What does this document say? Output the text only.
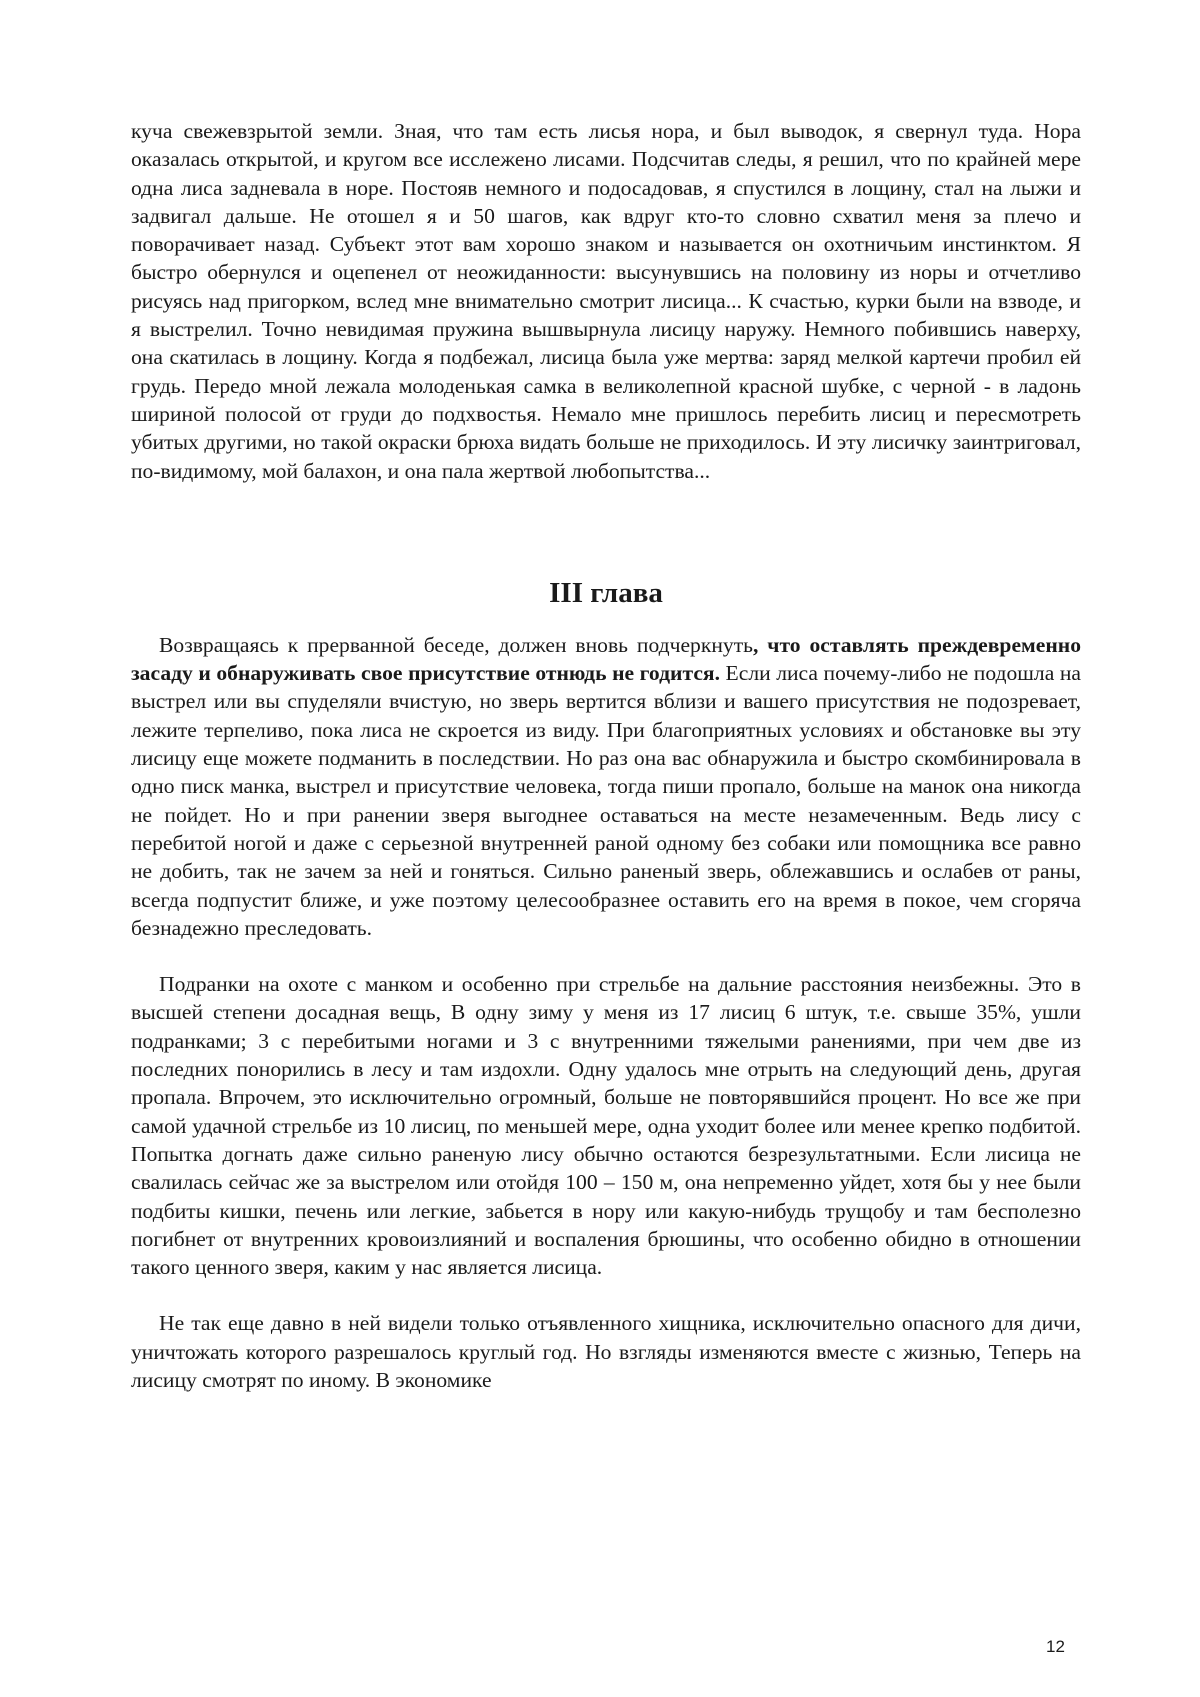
куча свежевзрытой земли. Зная, что там есть лисья нора, и был выводок, я свернул туда. Нора оказалась открытой, и кругом все исслежено лисами. Подсчитав следы, я решил, что по крайней мере одна лиса задневала в норе. Постояв немного и подосадовав, я спустился в лощину, стал на лыжи и задвигал дальше. Не отошел я и 50 шагов, как вдруг кто-то словно схватил меня за плечо и поворачивает назад. Субъект этот вам хорошо знаком и называется он охотничьим инстинктом. Я быстро обернулся и оцепенел от неожиданности: высунувшись на половину из норы и отчетливо рисуясь над пригорком, вслед мне внимательно смотрит лисица... К счастью, курки были на взводе, и я выстрелил. Точно невидимая пружина вышвырнула лисицу наружу. Немного побившись наверху, она скатилась в лощину. Когда я подбежал, лисица была уже мертва: заряд мелкой картечи пробил ей грудь. Передо мной лежала молоденькая самка в великолепной красной шубке, с черной - в ладонь шириной полосой от груди до подхвостья. Немало мне пришлось перебить лисиц и пересмотреть убитых другими, но такой окраски брюха видать больше не приходилось. И эту лисичку заинтриговал, по-видимому, мой балахон, и она пала жертвой любопытства...

III глава

Возвращаясь к прерванной беседе, должен вновь подчеркнуть, что оставлять преждевременно засаду и обнаруживать свое присутствие отнюдь не годится. Если лиса почему-либо не подошла на выстрел или вы спуделяли вчистую, но зверь вертится вблизи и вашего присутствия не подозревает, лежите терпеливо, пока лиса не скроется из виду. При благоприятных условиях и обстановке вы эту лисицу еще можете подманить в последствии. Но раз она вас обнаружила и быстро скомбинировала в одно писк манка, выстрел и присутствие человека, тогда пиши пропало, больше на манок она никогда не пойдет. Но и при ранении зверя выгоднее оставаться на месте незамеченным. Ведь лису с перебитой ногой и даже с серьезной внутренней раной одному без собаки или помощника все равно не добить, так не зачем за ней и гоняться. Сильно раненый зверь, облежавшись и ослабев от раны, всегда подпустит ближе, и уже поэтому целесообразнее оставить его на время в покое, чем сгоряча безнадежно преследовать.

Подранки на охоте с манком и особенно при стрельбе на дальние расстояния неизбежны. Это в высшей степени досадная вещь, В одну зиму у меня из 17 лисиц 6 штук, т.е. свыше 35%, ушли подранками; 3 с перебитыми ногами и 3 с внутренними тяжелыми ранениями, при чем две из последних понорились в лесу и там издохли. Одну удалось мне отрыть на следующий день, другая пропала. Впрочем, это исключительно огромный, больше не повторявшийся процент. Но все же при самой удачной стрельбе из 10 лисиц, по меньшей мере, одна уходит более или менее крепко подбитой. Попытка догнать даже сильно раненую лису обычно остаются безрезультатными. Если лисица не свалилась сейчас же за выстрелом или отойдя 100 – 150 м, она непременно уйдет, хотя бы у нее были подбиты кишки, печень или легкие, забьется в нору или какую-нибудь трущобу и там бесполезно погибнет от внутренних кровоизлияний и воспаления брюшины, что особенно обидно в отношении такого ценного зверя, каким у нас является лисица.

Не так еще давно в ней видели только отъявленного хищника, исключительно опасного для дичи, уничтожать которого разрешалось круглый год. Но взгляды изменяются вместе с жизнью, Теперь на лисицу смотрят по иному. В экономике

12
